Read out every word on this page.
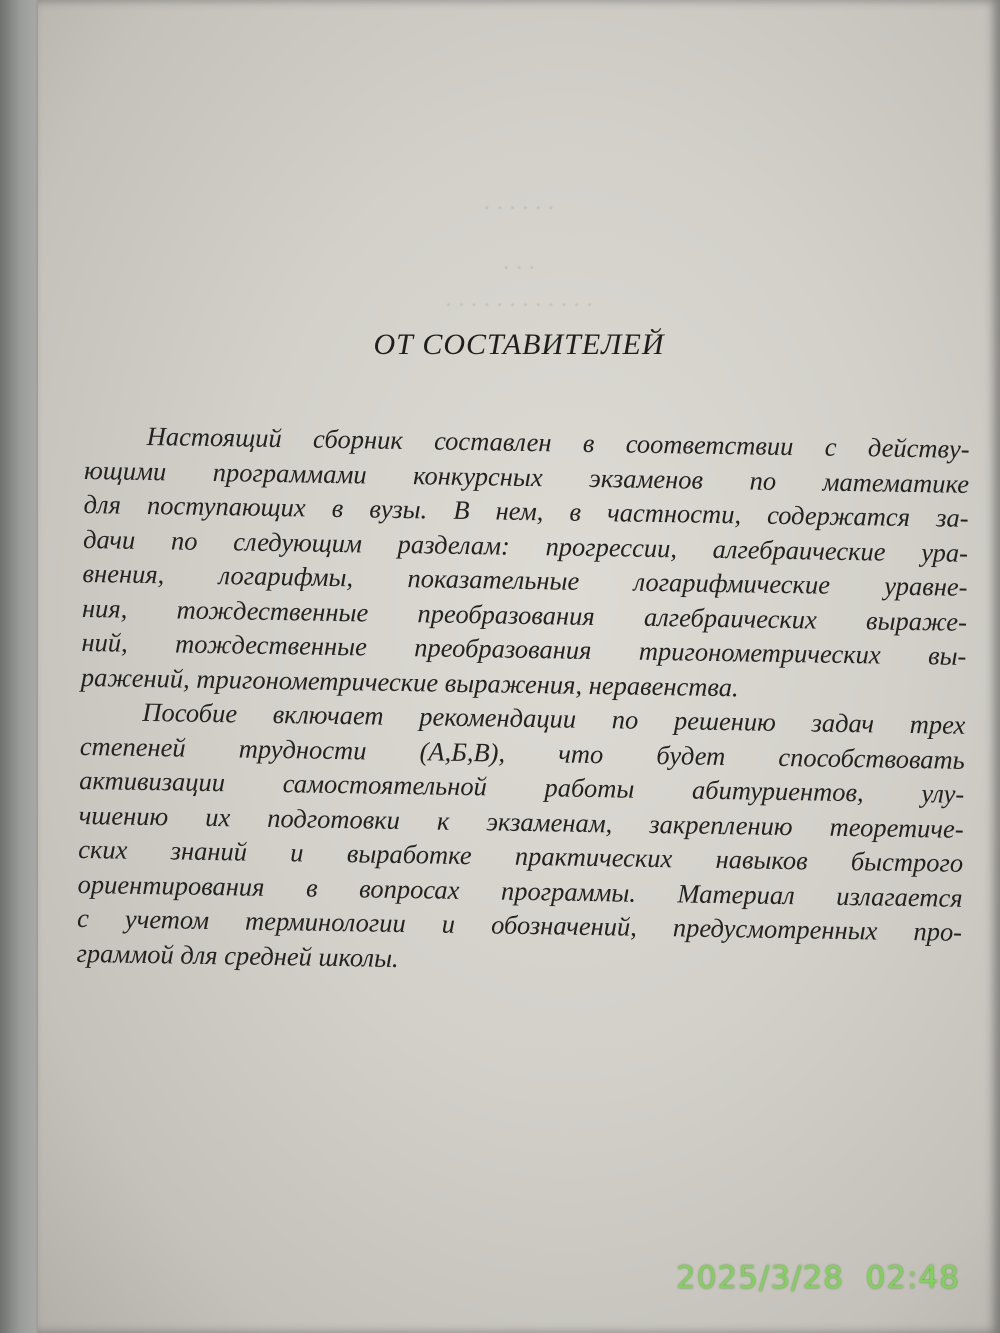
· · · · · ·
· · ·
· · · · · · · · · · · ·
ОТ СОСТАВИТЕЛЕЙ
Настоящий сборник составлен в соответствии с действу-
ющими программами конкурсных экзаменов по математике
для поступающих в вузы. В нем, в частности, содержатся за-
дачи по следующим разделам: прогрессии, алгебраические ура-
внения, логарифмы, показательные логарифмические уравне-
ния, тождественные преобразования алгебраических выраже-
ний, тождественные преобразования тригонометрических вы-
ражений, тригонометрические выражения, неравенства.
Пособие включает рекомендации по решению задач трех
степеней трудности (А,Б,В), что будет способствовать
активизации самостоятельной работы абитуриентов, улу-
чшению их подготовки к экзаменам, закреплению теоретиче-
ских знаний и выработке практических навыков быстрого
ориентирования в вопросах программы. Материал излагается
с учетом терминологии и обозначений, предусмотренных про-
граммой для средней школы.
2025/3/28  02:48
